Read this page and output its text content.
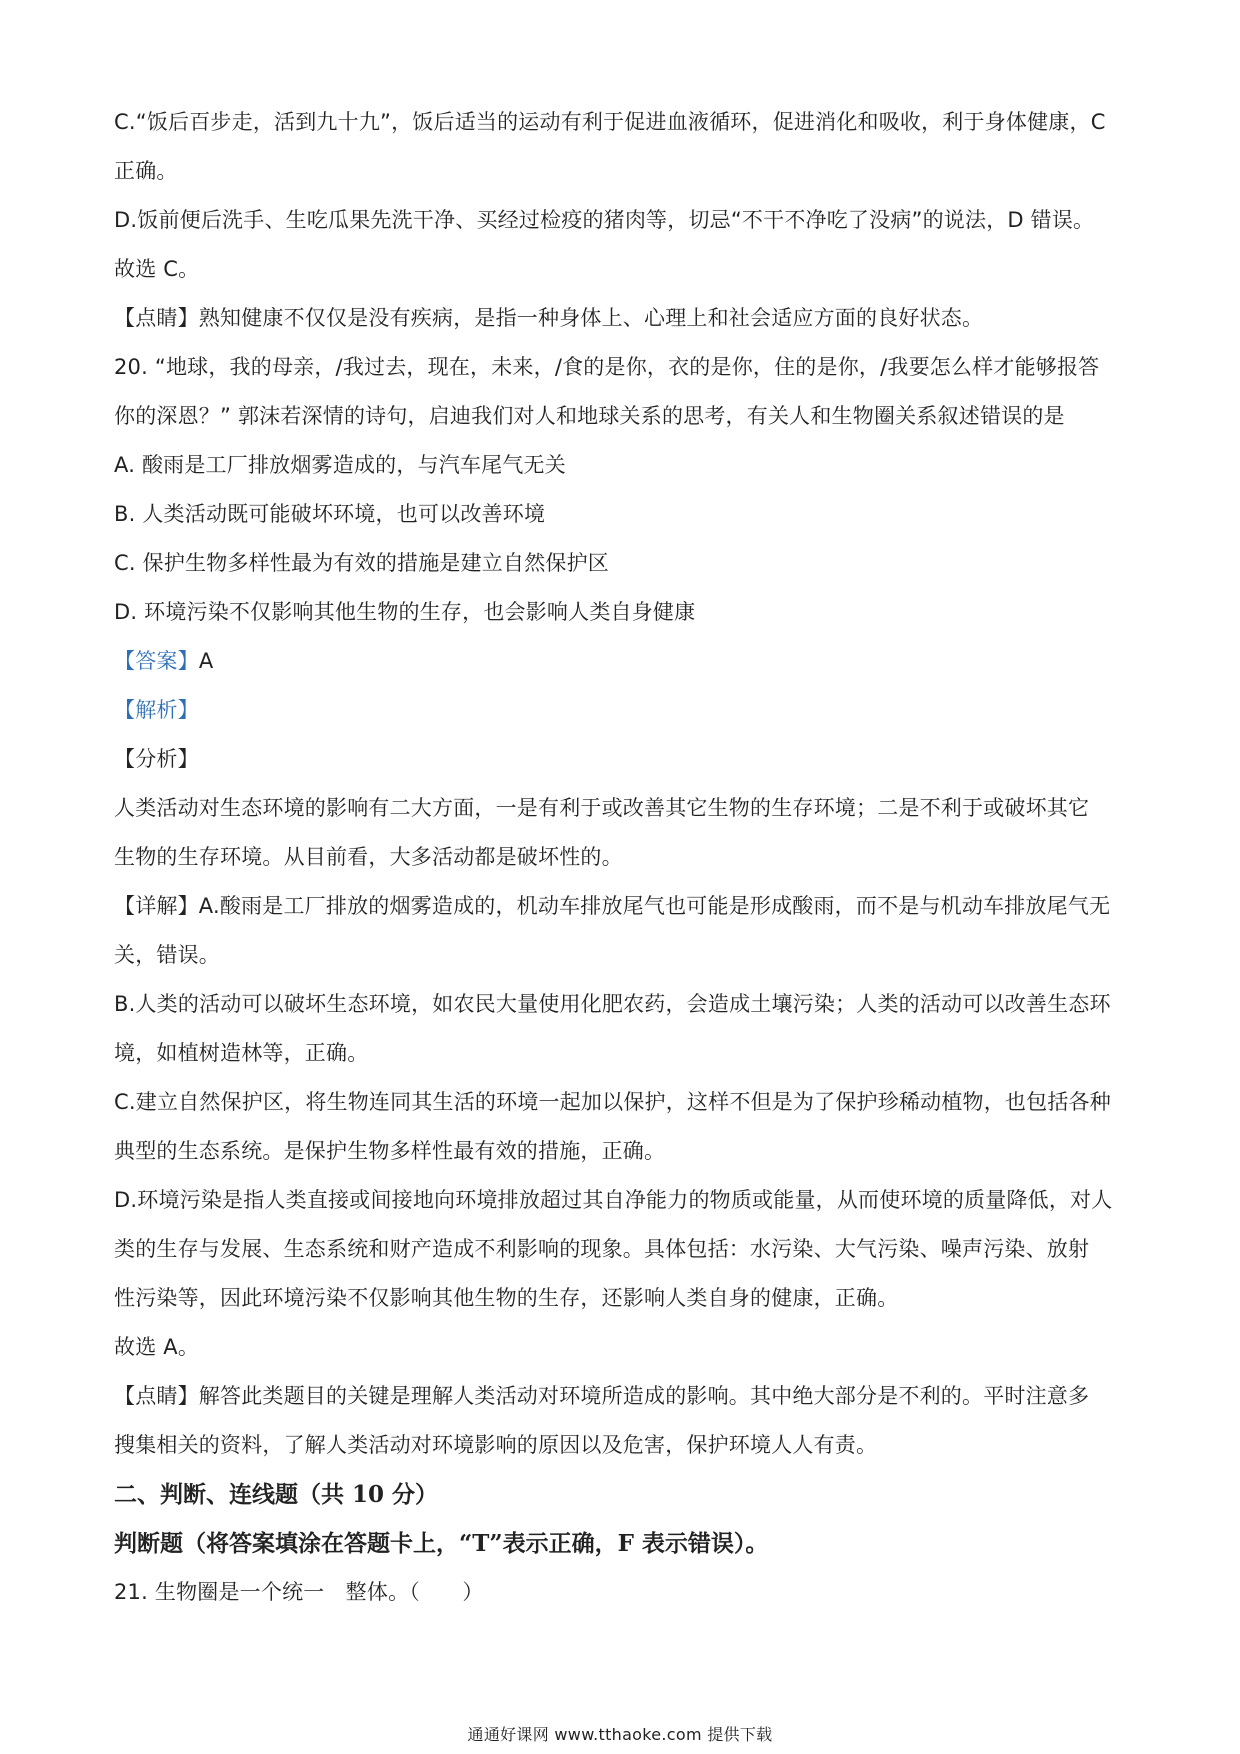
C.“饭后百步走，活到九十九”，饭后适当的运动有利于促进血液循环，促进消化和吸收，利于身体健康，C
正确。
D.饭前便后洗手、生吃瓜果先洗干净、买经过检疫的猪肉等，切忌“不干不净吃了没病”的说法，D 错误。
故选 C。
【点睛】熟知健康不仅仅是没有疾病，是指一种身体上、心理上和社会适应方面的良好状态。
20. “地球，我的母亲，/我过去，现在，未来，/食的是你，衣的是你，住的是你，/我要怎么样才能够报答
你的深恩？” 郭沫若深情的诗句，启迪我们对人和地球关系的思考，有关人和生物圈关系叙述错误的是
A. 酸雨是工厂排放烟雾造成的，与汽车尾气无关
B. 人类活动既可能破坏环境，也可以改善环境
C. 保护生物多样性最为有效的措施是建立自然保护区
D. 环境污染不仅影响其他生物的生存，也会影响人类自身健康
【答案】A
【解析】
【分析】
人类活动对生态环境的影响有二大方面，一是有利于或改善其它生物的生存环境；二是不利于或破坏其它
生物的生存环境。从目前看，大多活动都是破坏性的。
【详解】A.酸雨是工厂排放的烟雾造成的，机动车排放尾气也可能是形成酸雨，而不是与机动车排放尾气无
关，错误。
B.人类的活动可以破坏生态环境，如农民大量使用化肥农药，会造成土壤污染；人类的活动可以改善生态环
境，如植树造林等，正确。
C.建立自然保护区，将生物连同其生活的环境一起加以保护，这样不但是为了保护珍稀动植物，也包括各种
典型的生态系统。是保护生物多样性最有效的措施，正确。
D.环境污染是指人类直接或间接地向环境排放超过其自净能力的物质或能量，从而使环境的质量降低，对人
类的生存与发展、生态系统和财产造成不利影响的现象。具体包括：水污染、大气污染、噪声污染、放射
性污染等，因此环境污染不仅影响其他生物的生存，还影响人类自身的健康，正确。
故选 A。
【点睛】解答此类题目的关键是理解人类活动对环境所造成的影响。其中绝大部分是不利的。平时注意多
搜集相关的资料，了解人类活动对环境影响的原因以及危害，保护环境人人有责。
二、判断、连线题（共 10 分）
判断题（将答案填涂在答题卡上，“T”表示正确，F 表示错误）。
21. 生物圈是一个统一　整体。（　　）
通通好课网 www.tthaoke.com 提供下载
